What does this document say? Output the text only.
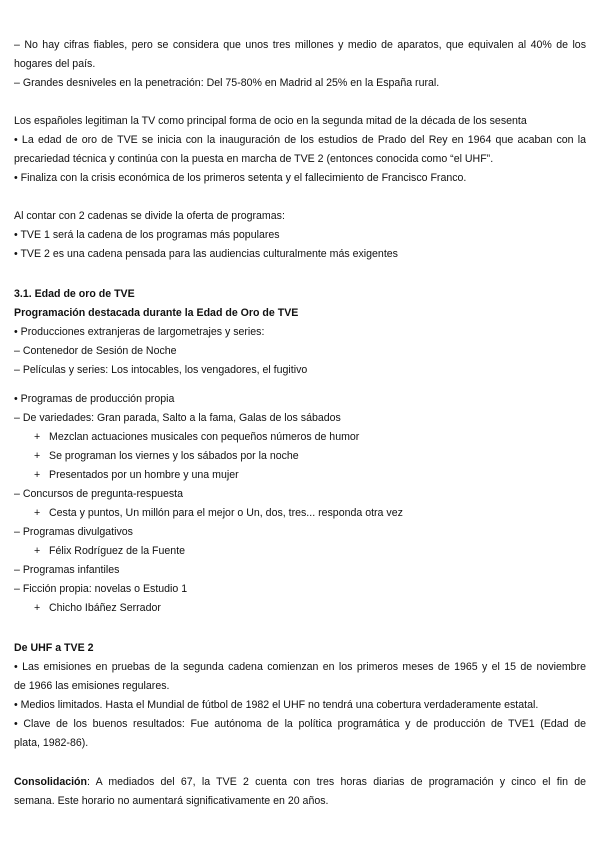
– No hay cifras fiables, pero se considera que unos tres millones y medio de aparatos, que equivalen al 40% de los
hogares del país.
– Grandes desniveles en la penetración: Del 75-80% en Madrid al 25% en la España rural.
Los españoles legitiman la TV como principal forma de ocio en la segunda mitad de la década de los sesenta
• La edad de oro de TVE se inicia con la inauguración de los estudios de Prado del Rey en 1964 que acaban con la
precariedad técnica y continúa con la puesta en marcha de TVE 2 (entonces conocida como “el UHF”.
• Finaliza con la crisis económica de los primeros setenta y el fallecimiento de Francisco Franco.
Al contar con 2 cadenas se divide la oferta de programas:
• TVE 1 será la cadena de los programas más populares
• TVE 2 es una cadena pensada para las audiencias culturalmente más exigentes
3.1. Edad de oro de TVE
Programación destacada durante la Edad de Oro de TVE
• Producciones extranjeras de largometrajes y series:
– Contenedor de Sesión de Noche
– Películas y series: Los intocables, los vengadores, el fugitivo
• Programas de producción propia
– De variedades: Gran parada, Salto a la fama, Galas de los sábados
+ Mezclan actuaciones musicales con pequeños números de humor
+ Se programan los viernes y los sábados por la noche
+ Presentados por un hombre y una mujer
– Concursos de pregunta-respuesta
+ Cesta y puntos, Un millón para el mejor o Un, dos, tres... responda otra vez
– Programas divulgativos
+ Félix Rodríguez de la Fuente
– Programas infantiles
– Ficción propia: novelas o Estudio 1
+ Chicho Ibáñez Serrador
De UHF a TVE 2
• Las emisiones en pruebas de la segunda cadena comienzan en los primeros meses de 1965 y el 15 de noviembre
de 1966 las emisiones regulares.
• Medios limitados. Hasta el Mundial de fútbol de 1982 el UHF no tendrá una cobertura verdaderamente estatal.
• Clave de los buenos resultados: Fue autónoma de la política programática y de producción de TVE1 (Edad de
plata, 1982-86).
Consolidación: A mediados del 67, la TVE 2 cuenta con tres horas diarias de programación y cinco el fin de
semana. Este horario no aumentará significativamente en 20 años.
